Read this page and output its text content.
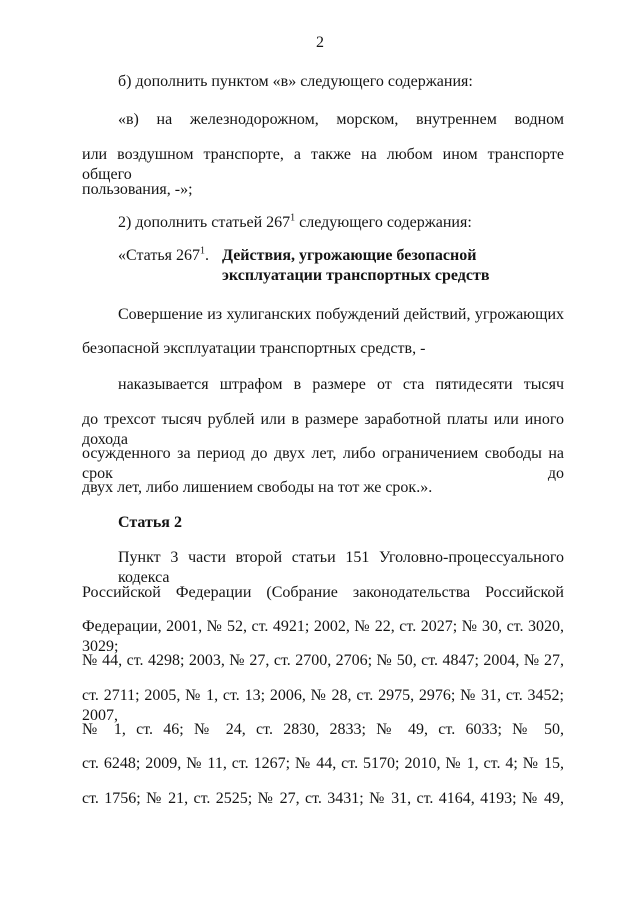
2
б) дополнить пунктом «в» следующего содержания:
«в) на железнодорожном, морском, внутреннем водном
или воздушном транспорте, а также на любом ином транспорте общего
пользования, -»;
2) дополнить статьей $267^1$ следующего содержания:
«Статья $267^1$. Действия, угрожающие безопасной
эксплуатации транспортных средств
Совершение из хулиганских побуждений действий, угрожающих
безопасной эксплуатации транспортных средств, -
наказывается штрафом в размере от ста пятидесяти тысяч
до трехсот тысяч рублей или в размере заработной платы или иного дохода
осужденного за период до двух лет, либо ограничением свободы на срок до
двух лет, либо лишением свободы на тот же срок.».
Статья 2
Пункт 3 части второй статьи 151 Уголовно-процессуального кодекса
Российской Федерации (Собрание законодательства Российской
Федерации, 2001, № 52, ст. 4921; 2002, № 22, ст. 2027; № 30, ст. 3020, 3029;
№ 44, ст. 4298; 2003, № 27, ст. 2700, 2706; № 50, ст. 4847; 2004, № 27,
ст. 2711; 2005, № 1, ст. 13; 2006, № 28, ст. 2975, 2976; № 31, ст. 3452; 2007,
№ 1, ст. 46; № 24, ст. 2830, 2833; № 49, ст. 6033; № 50,
ст. 6248; 2009, № 11, ст. 1267; № 44, ст. 5170; 2010, № 1, ст. 4; № 15,
ст. 1756; № 21, ст. 2525; № 27, ст. 3431; № 31, ст. 4164, 4193; № 49,
